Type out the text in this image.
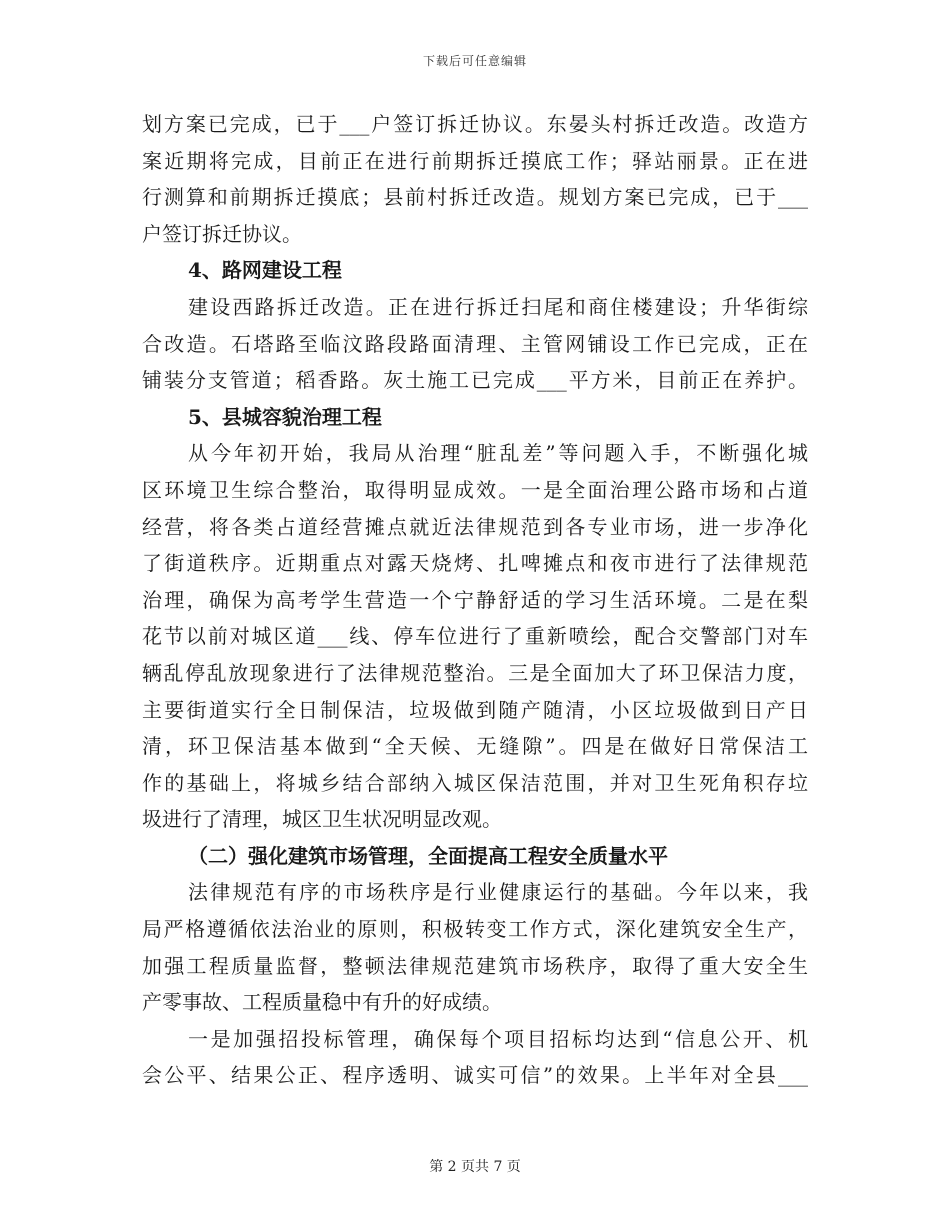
下载后可任意编辑
划方案已完成，已于___户签订拆迁协议。东晏头村拆迁改造。改造方
案近期将完成，目前正在进行前期拆迁摸底工作；驿站丽景。正在进
行测算和前期拆迁摸底；县前村拆迁改造。规划方案已完成，已于___
户签订拆迁协议。
4、路网建设工程
建设西路拆迁改造。正在进行拆迁扫尾和商住楼建设；升华街综
合改造。石塔路至临汶路段路面清理、主管网铺设工作已完成，正在
铺装分支管道；稻香路。灰土施工已完成___平方米，目前正在养护。
5、县城容貌治理工程
从今年初开始，我局从治理“脏乱差”等问题入手，不断强化城
区环境卫生综合整治，取得明显成效。一是全面治理公路市场和占道
经营，将各类占道经营摊点就近法律规范到各专业市场，进一步净化
了街道秩序。近期重点对露天烧烤、扎啤摊点和夜市进行了法律规范
治理，确保为高考学生营造一个宁静舒适的学习生活环境。二是在梨
花节以前对城区道___线、停车位进行了重新喷绘，配合交警部门对车
辆乱停乱放现象进行了法律规范整治。三是全面加大了环卫保洁力度，
主要街道实行全日制保洁，垃圾做到随产随清，小区垃圾做到日产日
清，环卫保洁基本做到“全天候、无缝隙”。四是在做好日常保洁工
作的基础上，将城乡结合部纳入城区保洁范围，并对卫生死角积存垃
圾进行了清理，城区卫生状况明显改观。
（二）强化建筑市场管理，全面提高工程安全质量水平
法律规范有序的市场秩序是行业健康运行的基础。今年以来，我
局严格遵循依法治业的原则，积极转变工作方式，深化建筑安全生产，
加强工程质量监督，整顿法律规范建筑市场秩序，取得了重大安全生
产零事故、工程质量稳中有升的好成绩。
一是加强招投标管理，确保每个项目招标均达到“信息公开、机
会公平、结果公正、程序透明、诚实可信”的效果。上半年对全县___
第 2 页共 7 页
